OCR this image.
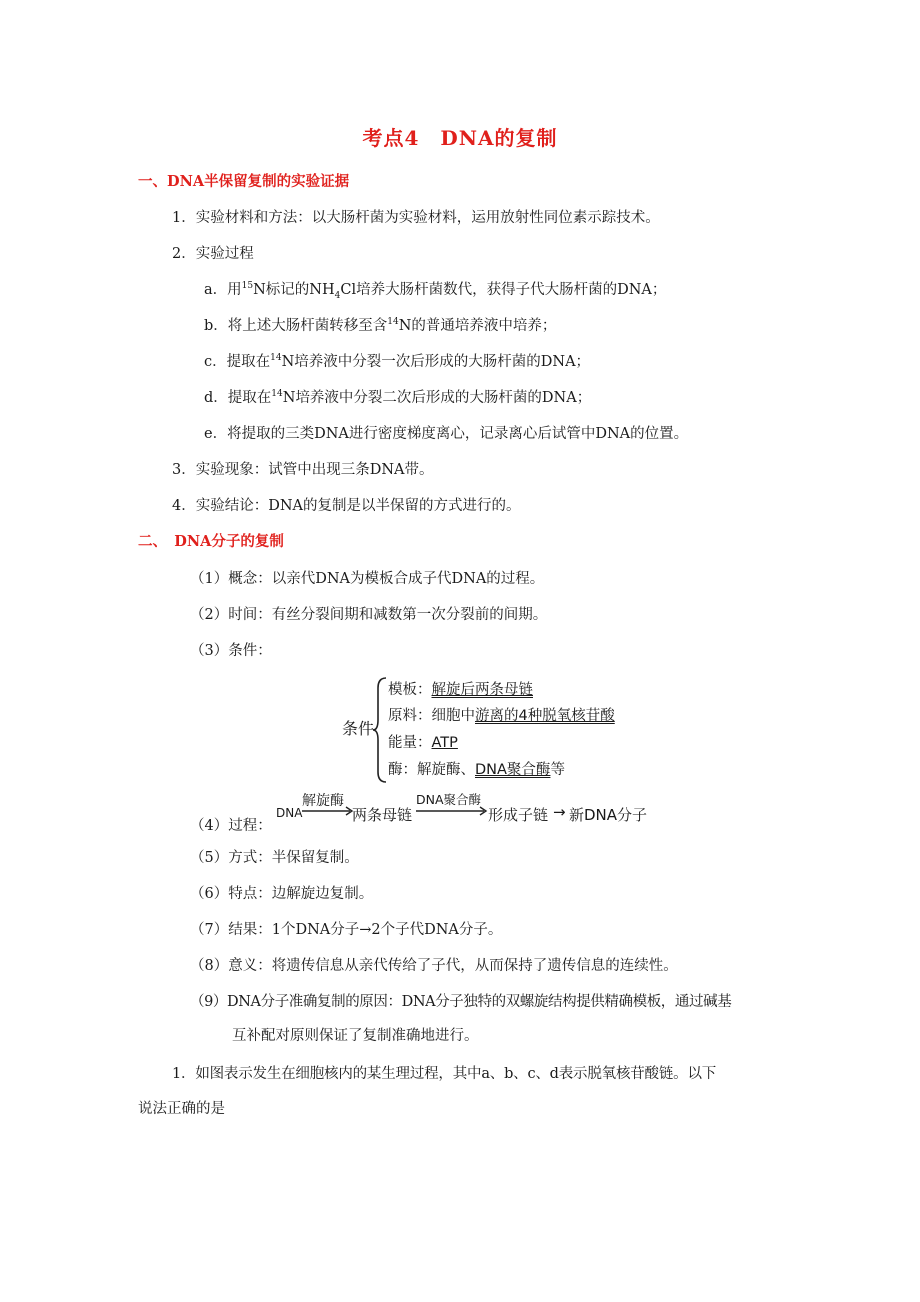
考点4　DNA的复制
一、DNA半保留复制的实验证据
1．实验材料和方法：以大肠杆菌为实验材料，运用放射性同位素示踪技术。
2．实验过程
a．用$^{15}$N标记的$NH_4Cl$培养大肠杆菌数代，获得子代大肠杆菌的DNA；
b．将上述大肠杆菌转移至含$^{14}$N的普通培养液中培养；
c．提取在$^{14}$N培养液中分裂一次后形成的大肠杆菌的DNA；
d．提取在$^{14}$N培养液中分裂二次后形成的大肠杆菌的DNA；
e．将提取的三类DNA进行密度梯度离心，记录离心后试管中DNA的位置。
3．实验现象：试管中出现三条DNA带。
4．实验结论：DNA的复制是以半保留的方式进行的。
二、　DNA分子的复制
（1）概念：以亲代DNA为模板合成子代DNA的过程。
（2）时间：有丝分裂间期和减数第一次分裂前的间期。
（3）条件：
条件
模板：解旋后两条母链
原料：细胞中游离的4种脱氧核苷酸
能量：ATP
酶：解旋酶、DNA聚合酶等
（4）过程：
DNA
解旋酶
两条母链
DNA聚合酶
形成子链 → 新DNA分子
（5）方式：半保留复制。
（6）特点：边解旋边复制。
（7）结果：1个DNA分子→2个子代DNA分子。
（8）意义：将遗传信息从亲代传给了子代，从而保持了遗传信息的连续性。
（9）DNA分子准确复制的原因：DNA分子独特的双螺旋结构提供精确模板，通过碱基
互补配对原则保证了复制准确地进行。
1．如图表示发生在细胞核内的某生理过程，其中a、b、c、d表示脱氧核苷酸链。以下
说法正确的是
